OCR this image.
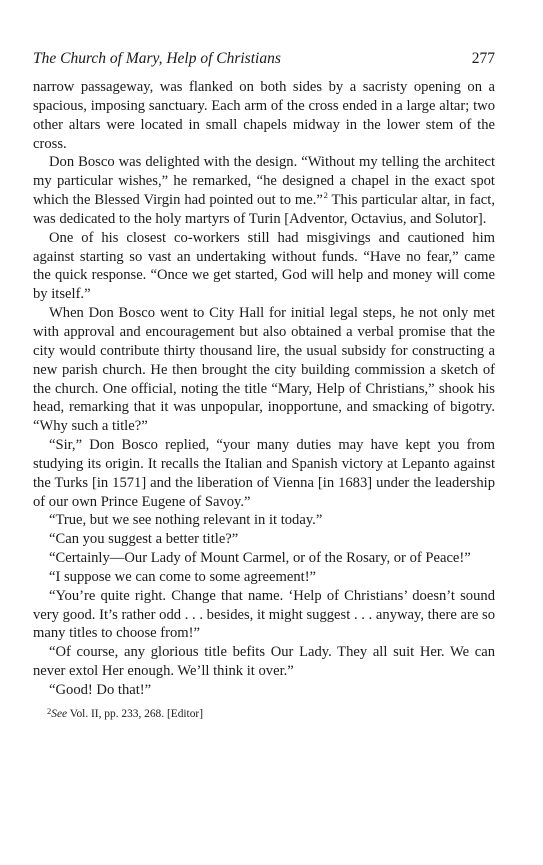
The Church of Mary, Help of Christians	277

narrow passageway, was flanked on both sides by a sacristy opening on a spacious, imposing sanctuary. Each arm of the cross ended in a large altar; two other altars were located in small chapels midway in the lower stem of the cross.

Don Bosco was delighted with the design. “Without my telling the architect my particular wishes,” he remarked, “he designed a chapel in the exact spot which the Blessed Virgin had pointed out to me.” $^2$ This particular altar, in fact, was dedicated to the holy martyrs of Turin [Adventor, Octavius, and Solutor].

One of his closest co-workers still had misgivings and cautioned him against starting so vast an undertaking without funds. “Have no fear,” came the quick response. “Once we get started, God will help and money will come by itself.”

When Don Bosco went to City Hall for initial legal steps, he not only met with approval and encouragement but also obtained a verbal promise that the city would contribute thirty thousand lire, the usual subsidy for constructing a new parish church. He then brought the city building commission a sketch of the church. One official, noting the title “Mary, Help of Christians,” shook his head, remarking that it was unpopular, inopportune, and smacking of bigotry. “Why such a title?”

“Sir,” Don Bosco replied, “your many duties may have kept you from studying its origin. It recalls the Italian and Spanish victory at Lepanto against the Turks [in 1571] and the liberation of Vienna [in 1683] under the leadership of our own Prince Eugene of Savoy.”

“True, but we see nothing relevant in it today.”

“Can you suggest a better title?”

“Certainly—Our Lady of Mount Carmel, or of the Rosary, or of Peace!”

“I suppose we can come to some agreement!”

“You’re quite right. Change that name. ‘Help of Christians’ doesn’t sound very good. It’s rather odd . . . besides, it might suggest . . . anyway, there are so many titles to choose from!”

“Of course, any glorious title befits Our Lady. They all suit Her. We can never extol Her enough. We’ll think it over.”

“Good! Do that!”

$^2$See Vol. II, pp. 233, 268. [Editor]
